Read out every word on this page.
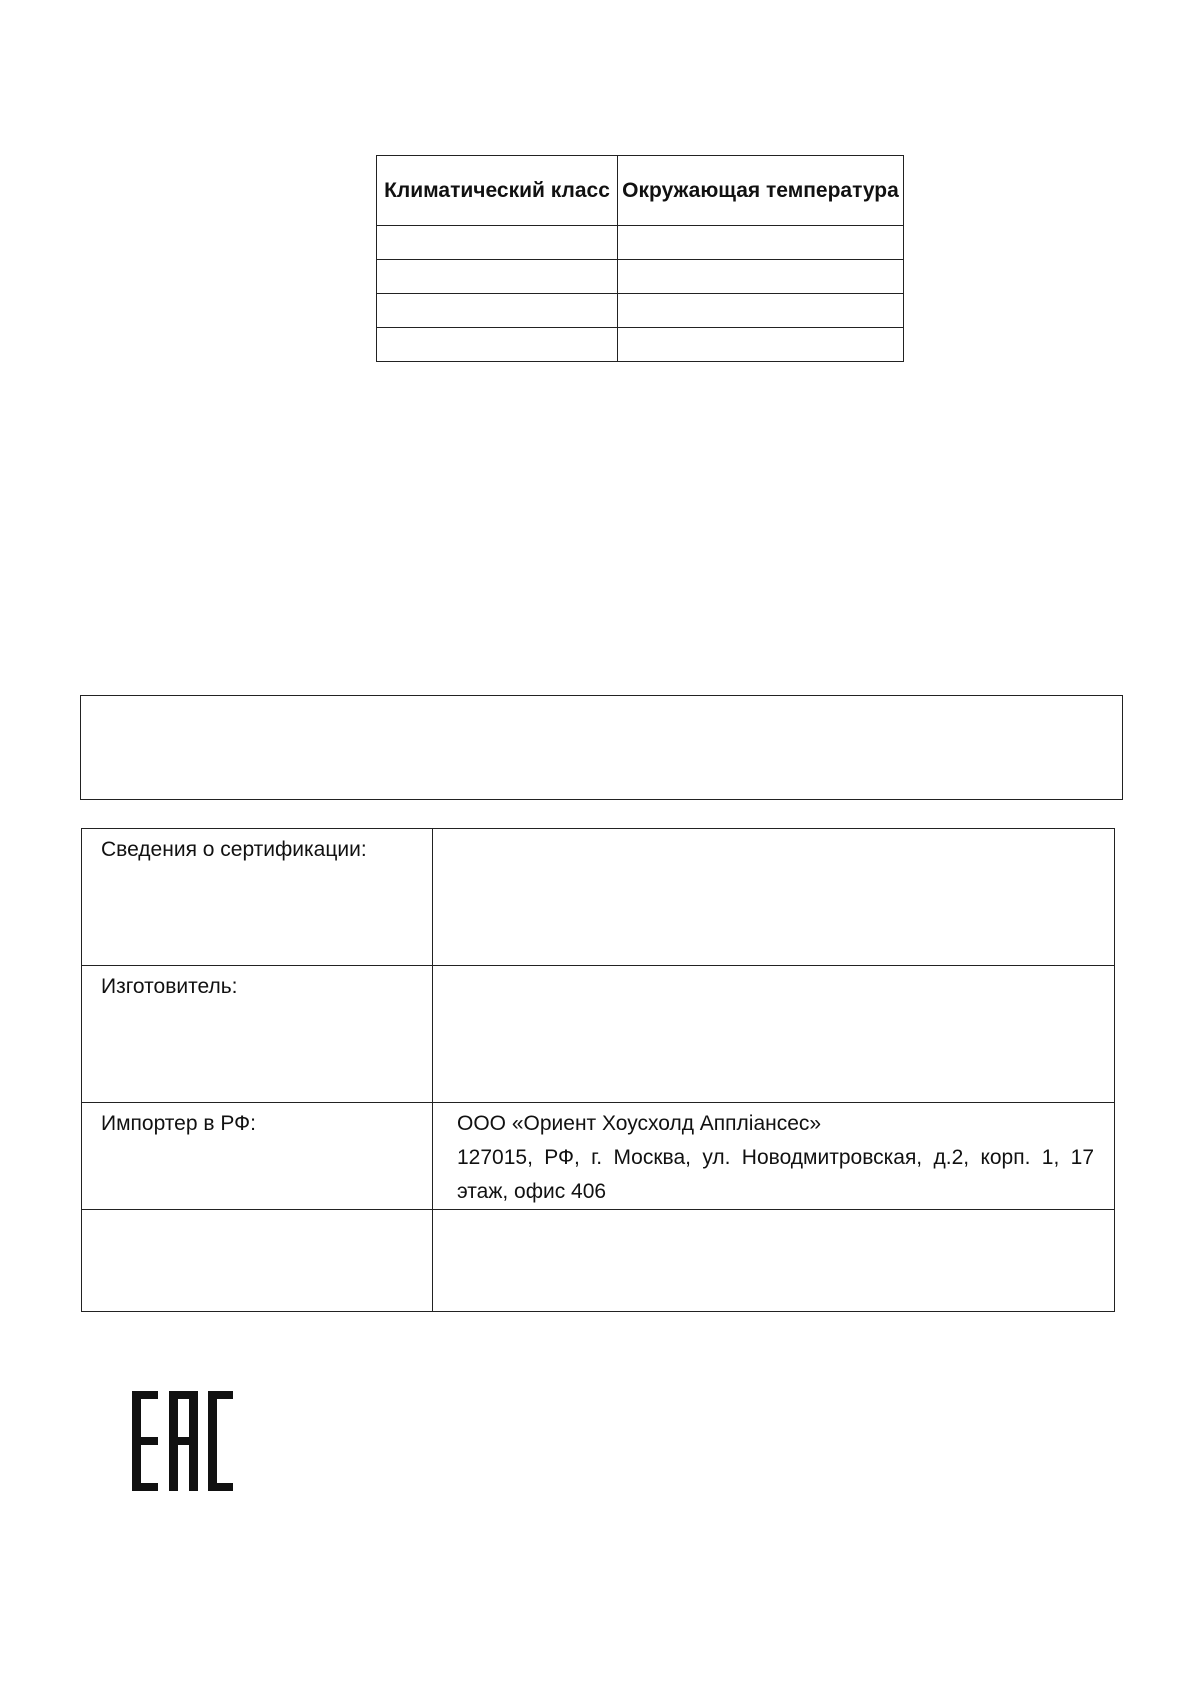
Климатический класс	Окружающая температура

Сведения о сертификации:	
Изготовитель:	
Импортер в РФ:	ООО «Ориент Хоусхолд Аппліансес»
127015, РФ, г. Москва, ул. Новодмитровская, д.2, корп. 1, 17 этаж, офис 406
